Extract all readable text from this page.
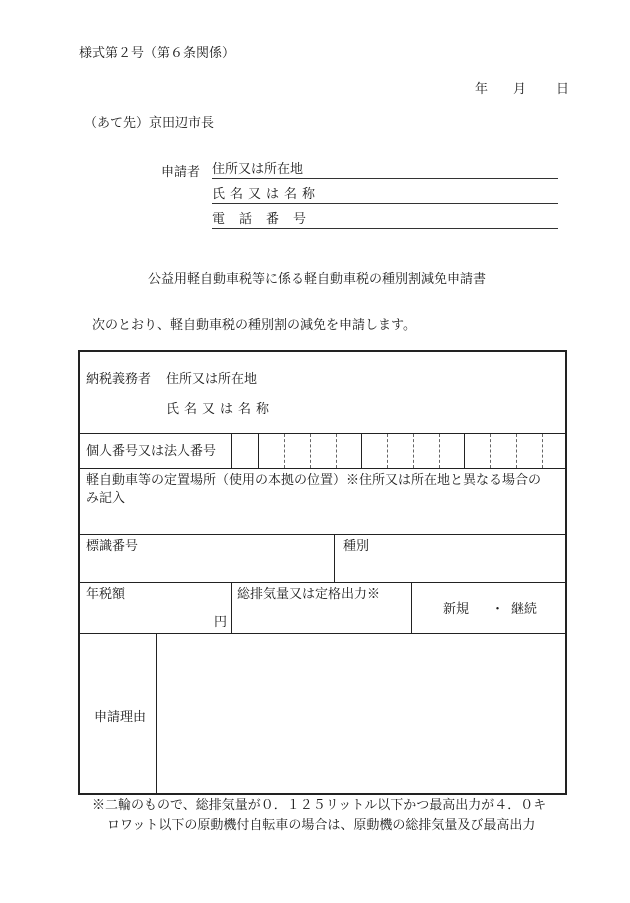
様式第２号（第６条関係）
年 月 日
（あて先）京田辺市長
申請者 住所又は所在地
氏名又は名称
電話番号
公益用軽自動車税等に係る軽自動車税の種別割減免申請書
次のとおり、軽自動車税の種別割の減免を申請します。
納税義務者 住所又は所在地
氏名又は名称
個人番号又は法人番号
軽自動車等の定置場所（使用の本拠の位置）※住所又は所在地と異なる場合の
み記入
標識番号	種別
年税額
円
総排気量又は定格出力※
新規 ・ 継続
申請理由
※二輪のもので、総排気量が０．１２５リットル以下かつ最高出力が４．０キ
ロワット以下の原動機付自転車の場合は、原動機の総排気量及び最高出力
